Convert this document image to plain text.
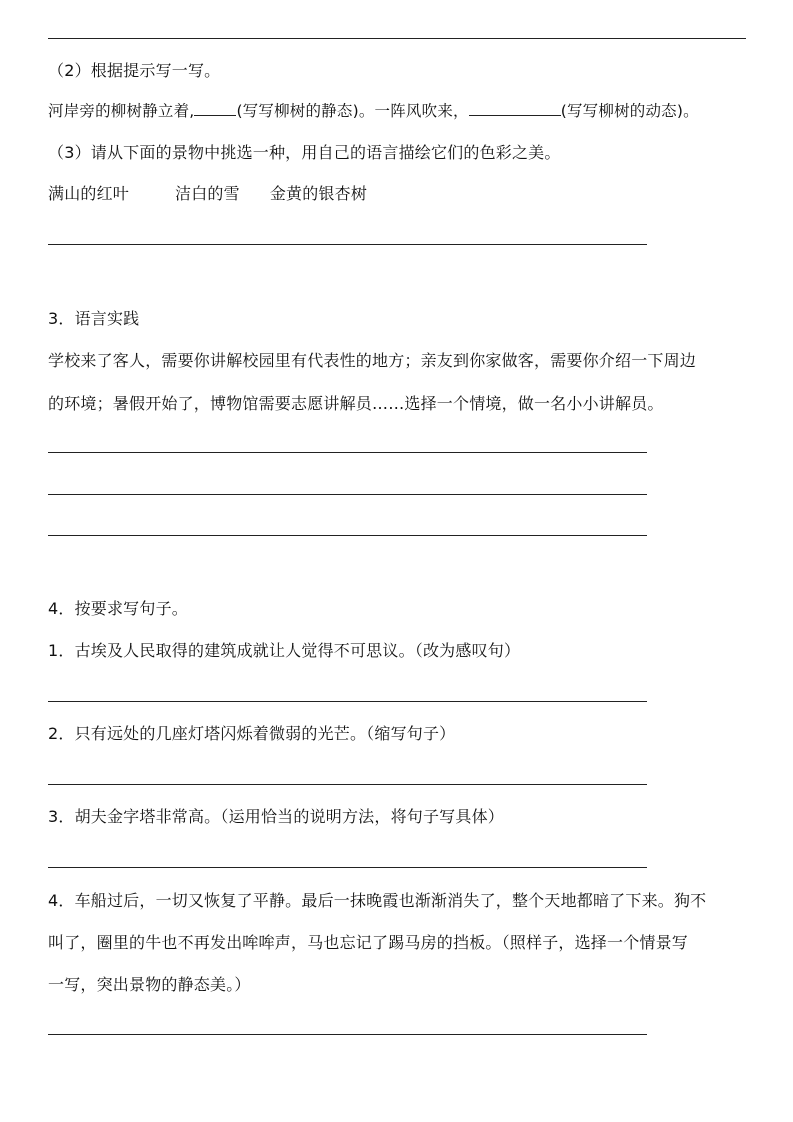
（2）根据提示写一写。
河岸旁的柳树静立着,	(写写柳树的静态)。一阵风吹来，	(写写柳树的动态)。
（3）请从下面的景物中挑选一种，用自己的语言描绘它们的色彩之美。
满山的红叶	洁白的雪 金黄的银杏树
3．语言实践
学校来了客人，需要你讲解校园里有代表性的地方；亲友到你家做客，需要你介绍一下周边
的环境；暑假开始了，博物馆需要志愿讲解员……选择一个情境，做一名小小讲解员。
4．按要求写句子。
1．古埃及人民取得的建筑成就让人觉得不可思议。（改为感叹句）
2．只有远处的几座灯塔闪烁着微弱的光芒。（缩写句子）
3．胡夫金字塔非常高。（运用恰当的说明方法，将句子写具体）
4．车船过后，一切又恢复了平静。最后一抹晚霞也渐渐消失了，整个天地都暗了下来。狗不
叫了，圈里的牛也不再发出哞哞声，马也忘记了踢马房的挡板。（照样子，选择一个情景写
一写，突出景物的静态美。）
